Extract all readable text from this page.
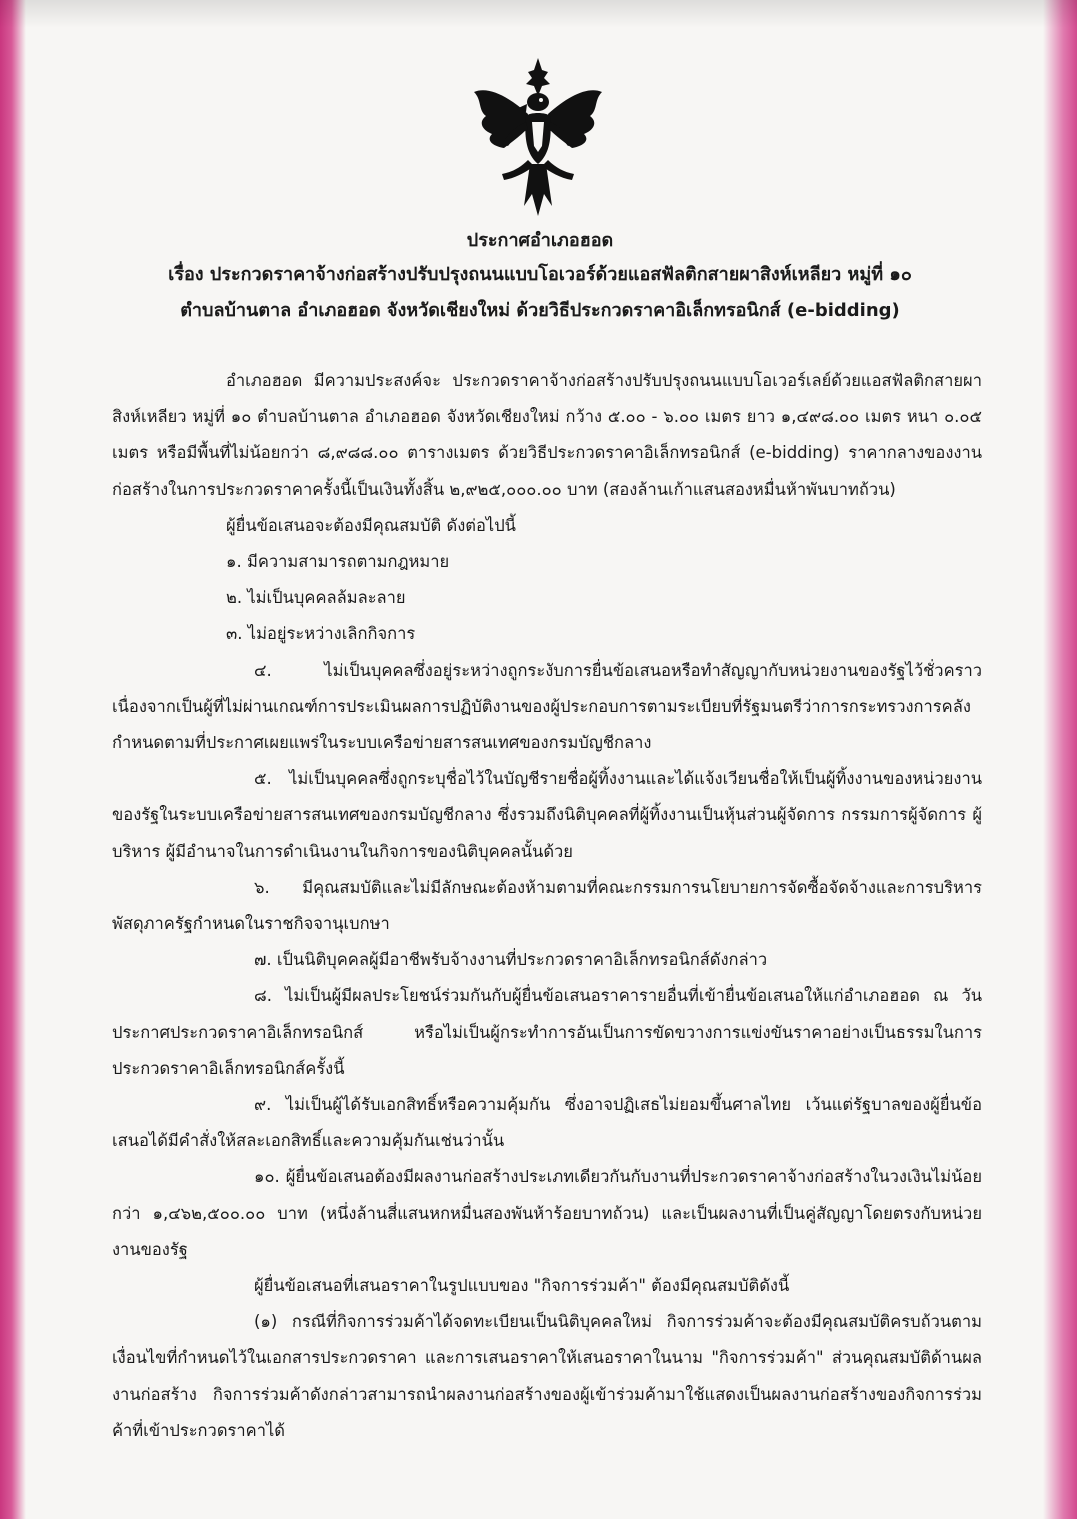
ประกาศอำเภอฮอด
เรื่อง ประกวดราคาจ้างก่อสร้างปรับปรุงถนนแบบโอเวอร์ด้วยแอสฟัลติกสายผาสิงห์เหลียว หมู่ที่ ๑๐
ตำบลบ้านตาล อำเภอฮอด จังหวัดเชียงใหม่ ด้วยวิธีประกวดราคาอิเล็กทรอนิกส์ (e-bidding)

อำเภอฮอด มีความประสงค์จะ ประกวดราคาจ้างก่อสร้างปรับปรุงถนนแบบโอเวอร์เลย์ด้วยแอสฟัลติกสายผาสิงห์เหลียว หมู่ที่ ๑๐ ตำบลบ้านตาล อำเภอฮอด จังหวัดเชียงใหม่ กว้าง ๕.๐๐ - ๖.๐๐ เมตร ยาว ๑,๔๙๘.๐๐ เมตร หนา ๐.๐๕ เมตร หรือมีพื้นที่ไม่น้อยกว่า ๘,๙๘๘.๐๐ ตารางเมตร ด้วยวิธีประกวดราคาอิเล็กทรอนิกส์ (e-bidding) ราคากลางของงานก่อสร้างในการประกวดราคาครั้งนี้เป็นเงินทั้งสิ้น ๒,๙๒๕,๐๐๐.๐๐ บาท (สองล้านเก้าแสนสองหมื่นห้าพันบาทถ้วน)

ผู้ยื่นข้อเสนอจะต้องมีคุณสมบัติ ดังต่อไปนี้

๑. มีความสามารถตามกฎหมาย

๒. ไม่เป็นบุคคลล้มละลาย

๓. ไม่อยู่ระหว่างเลิกกิจการ

๔. ไม่เป็นบุคคลซึ่งอยู่ระหว่างถูกระงับการยื่นข้อเสนอหรือทำสัญญากับหน่วยงานของรัฐไว้ชั่วคราว เนื่องจากเป็นผู้ที่ไม่ผ่านเกณฑ์การประเมินผลการปฏิบัติงานของผู้ประกอบการตามระเบียบที่รัฐมนตรีว่าการกระทรวงการคลังกำหนดตามที่ประกาศเผยแพร่ในระบบเครือข่ายสารสนเทศของกรมบัญชีกลาง

๕. ไม่เป็นบุคคลซึ่งถูกระบุชื่อไว้ในบัญชีรายชื่อผู้ทิ้งงานและได้แจ้งเวียนชื่อให้เป็นผู้ทิ้งงานของหน่วยงานของรัฐในระบบเครือข่ายสารสนเทศของกรมบัญชีกลาง ซึ่งรวมถึงนิติบุคคลที่ผู้ทิ้งงานเป็นหุ้นส่วนผู้จัดการ กรรมการผู้จัดการ ผู้บริหาร ผู้มีอำนาจในการดำเนินงานในกิจการของนิติบุคคลนั้นด้วย

๖. มีคุณสมบัติและไม่มีลักษณะต้องห้ามตามที่คณะกรรมการนโยบายการจัดซื้อจัดจ้างและการบริหารพัสดุภาครัฐกำหนดในราชกิจจานุเบกษา

๗. เป็นนิติบุคคลผู้มีอาชีพรับจ้างงานที่ประกวดราคาอิเล็กทรอนิกส์ดังกล่าว

๘. ไม่เป็นผู้มีผลประโยชน์ร่วมกันกับผู้ยื่นข้อเสนอราคารายอื่นที่เข้ายื่นข้อเสนอให้แก่อำเภอฮอด ณ วันประกาศประกวดราคาอิเล็กทรอนิกส์ หรือไม่เป็นผู้กระทำการอันเป็นการขัดขวางการแข่งขันราคาอย่างเป็นธรรมในการประกวดราคาอิเล็กทรอนิกส์ครั้งนี้

๙. ไม่เป็นผู้ได้รับเอกสิทธิ์หรือความคุ้มกัน ซึ่งอาจปฏิเสธไม่ยอมขึ้นศาลไทย เว้นแต่รัฐบาลของผู้ยื่นข้อเสนอได้มีคำสั่งให้สละเอกสิทธิ์และความคุ้มกันเช่นว่านั้น

๑๐. ผู้ยื่นข้อเสนอต้องมีผลงานก่อสร้างประเภทเดียวกันกับงานที่ประกวดราคาจ้างก่อสร้างในวงเงินไม่น้อยกว่า ๑,๔๖๒,๕๐๐.๐๐ บาท (หนึ่งล้านสี่แสนหกหมื่นสองพันห้าร้อยบาทถ้วน) และเป็นผลงานที่เป็นคู่สัญญาโดยตรงกับหน่วยงานของรัฐ

ผู้ยื่นข้อเสนอที่เสนอราคาในรูปแบบของ "กิจการร่วมค้า" ต้องมีคุณสมบัติดังนี้

(๑) กรณีที่กิจการร่วมค้าได้จดทะเบียนเป็นนิติบุคคลใหม่ กิจการร่วมค้าจะต้องมีคุณสมบัติครบถ้วนตามเงื่อนไขที่กำหนดไว้ในเอกสารประกวดราคา และการเสนอราคาให้เสนอราคาในนาม "กิจการร่วมค้า" ส่วนคุณสมบัติด้านผลงานก่อสร้าง กิจการร่วมค้าดังกล่าวสามารถนำผลงานก่อสร้างของผู้เข้าร่วมค้ามาใช้แสดงเป็นผลงานก่อสร้างของกิจการร่วมค้าที่เข้าประกวดราคาได้
